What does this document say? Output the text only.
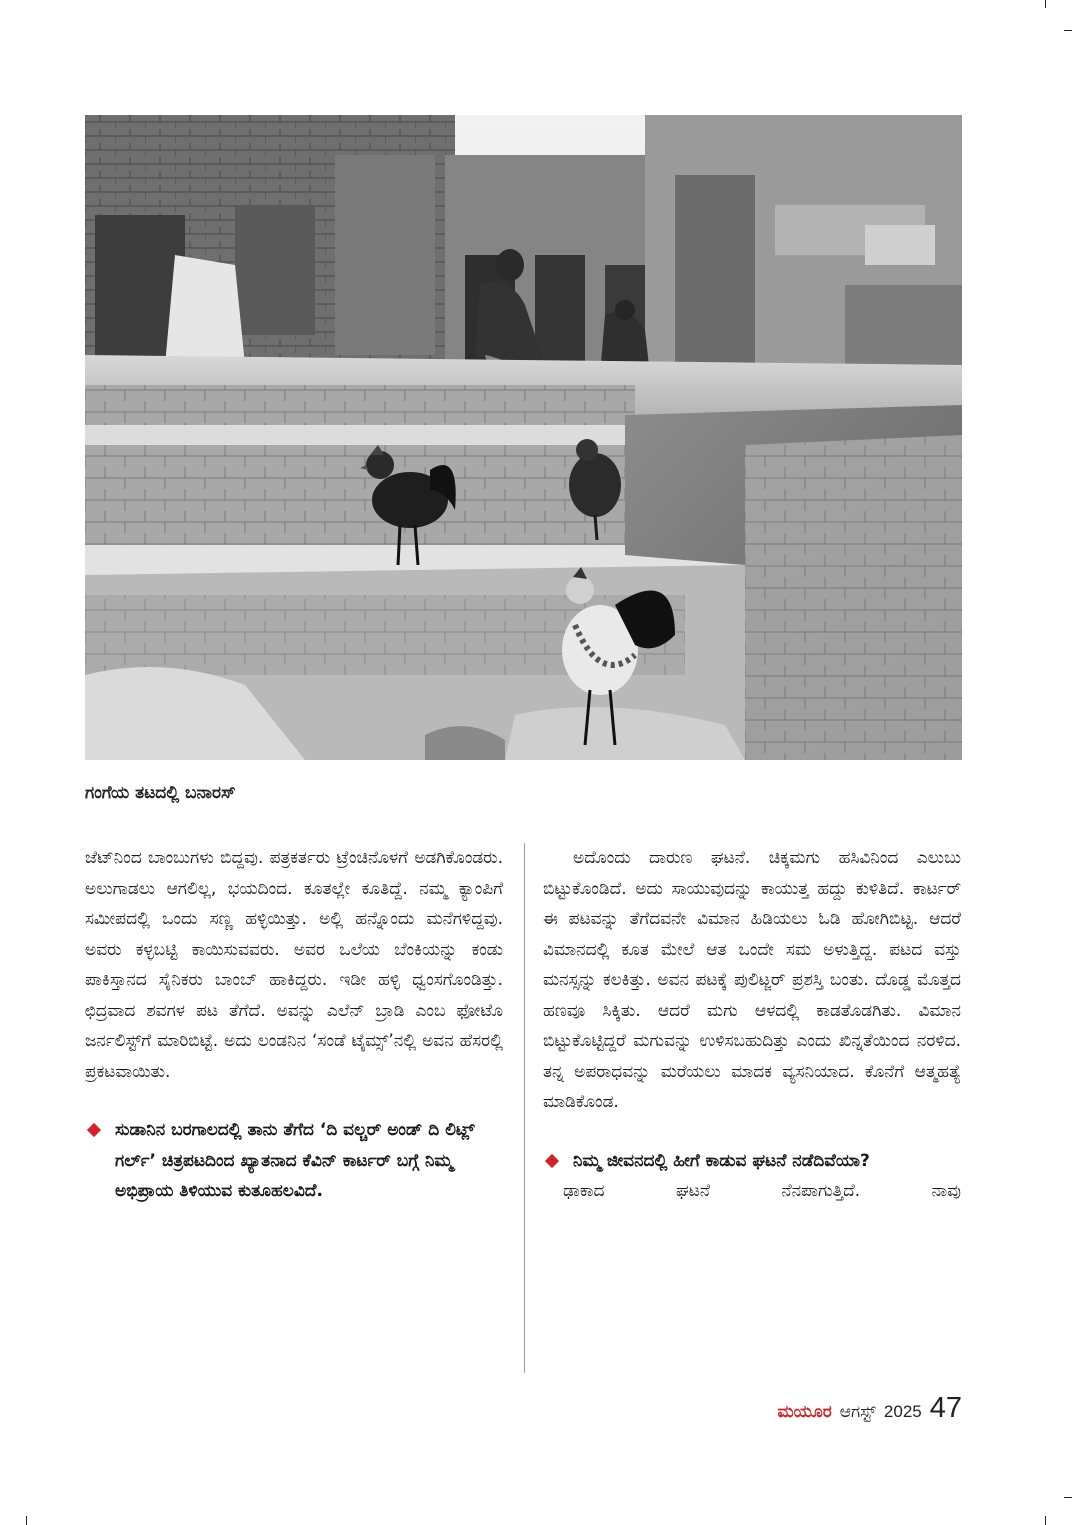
ಗಂಗೆಯ ತಟದಲ್ಲಿ ಬನಾರಸ್

ಜೆಟ್‌ನಿಂದ ಬಾಂಬುಗಳು ಬಿದ್ದವು. ಪತ್ರಕರ್ತರು ಟ್ರೆಂಚಿನೊಳಗೆ ಅಡಗಿಕೊಂಡರು. ಅಲುಗಾಡಲು ಆಗಲಿಲ್ಲ, ಭಯದಿಂದ. ಕೂತಲ್ಲೇ ಕೂತಿದ್ದೆ. ನಮ್ಮ ಕ್ಯಾಂಪಿಗೆ ಸಮೀಪದಲ್ಲಿ ಒಂದು ಸಣ್ಣ ಹಳ್ಳಿಯಿತ್ತು. ಅಲ್ಲಿ ಹನ್ನೊಂದು ಮನೆಗಳಿದ್ದವು. ಅವರು ಕಳ್ಳಬಟ್ಟಿ ಕಾಯಿಸುವವರು. ಅವರ ಒಲೆಯ ಬೆಂಕಿಯನ್ನು ಕಂಡು ಪಾಕಿಸ್ತಾನದ ಸೈನಿಕರು ಬಾಂಬ್ ಹಾಕಿದ್ದರು. ಇಡೀ ಹಳ್ಳಿ ಧ್ವಂಸಗೊಂಡಿತ್ತು. ಛಿದ್ರವಾದ ಶವಗಳ ಪಟ ತೆಗೆದೆ. ಅವನ್ನು ಎಲೆನ್ ಬ್ರಾಡಿ ಎಂಬ ಫೋಟೊ ಜರ್ನಲಿಸ್ಟ್‌ಗೆ ಮಾರಿಬಿಟ್ಟೆ. ಅದು ಲಂಡನಿನ ‘ಸಂಡೆ ಟೈಮ್ಸ್’ನಲ್ಲಿ ಅವನ ಹೆಸರಲ್ಲಿ ಪ್ರಕಟವಾಯಿತು.

ಸುಡಾನಿನ ಬರಗಾಲದಲ್ಲಿ ತಾನು ತೆಗೆದ ‘ದಿ ವಲ್ಚರ್ ಅಂಡ್ ದಿ ಲಿಟ್ಲ್ ಗರ್ಲ್’ ಚಿತ್ರಪಟದಿಂದ ಖ್ಯಾತನಾದ ಕೆವಿನ್ ಕಾರ್ಟರ್ ಬಗ್ಗೆ ನಿಮ್ಮ ಅಭಿಪ್ರಾಯ ತಿಳಿಯುವ ಕುತೂಹಲವಿದೆ.

ಅದೊಂದು ದಾರುಣ ಘಟನೆ. ಚಿಕ್ಕಮಗು ಹಸಿವಿನಿಂದ ಎಲುಬು ಬಿಟ್ಟುಕೊಂಡಿದೆ. ಅದು ಸಾಯುವುದನ್ನು ಕಾಯುತ್ತ ಹದ್ದು ಕುಳಿತಿದೆ. ಕಾರ್ಟರ್ ಈ ಪಟವನ್ನು ತೆಗೆದವನೇ ವಿಮಾನ ಹಿಡಿಯಲು ಓಡಿ ಹೋಗಿಬಿಟ್ಟ. ಆದರೆ ವಿಮಾನದಲ್ಲಿ ಕೂತ ಮೇಲೆ ಆತ ಒಂದೇ ಸಮ ಅಳುತ್ತಿದ್ದ. ಪಟದ ವಸ್ತು ಮನಸ್ಸನ್ನು ಕಲಕಿತ್ತು. ಅವನ ಪಟಕ್ಕೆ ಪುಲಿಟ್ಜರ್ ಪ್ರಶಸ್ತಿ ಬಂತು. ದೊಡ್ಡ ಮೊತ್ತದ ಹಣವೂ ಸಿಕ್ಕಿತು. ಆದರೆ ಮಗು ಆಳದಲ್ಲಿ ಕಾಡತೊಡಗಿತು. ವಿಮಾನ ಬಿಟ್ಟುಕೊಟ್ಟಿದ್ದರೆ ಮಗುವನ್ನು ಉಳಿಸಬಹುದಿತ್ತು ಎಂದು ಖಿನ್ನತೆಯಿಂದ ನರಳಿದ. ತನ್ನ ಅಪರಾಧವನ್ನು ಮರೆಯಲು ಮಾದಕ ವ್ಯಸನಿಯಾದ. ಕೊನೆಗೆ ಆತ್ಮಹತ್ಯೆ ಮಾಡಿಕೊಂಡ.

ನಿಮ್ಮ ಜೀವನದಲ್ಲಿ ಹೀಗೆ ಕಾಡುವ ಘಟನೆ ನಡೆದಿವೆಯಾ?

ಢಾಕಾದ ಘಟನೆ ನೆನಪಾಗುತ್ತಿದೆ. ನಾವು

ಮಯೂರ ಆಗಸ್ಟ್ 2025 47
